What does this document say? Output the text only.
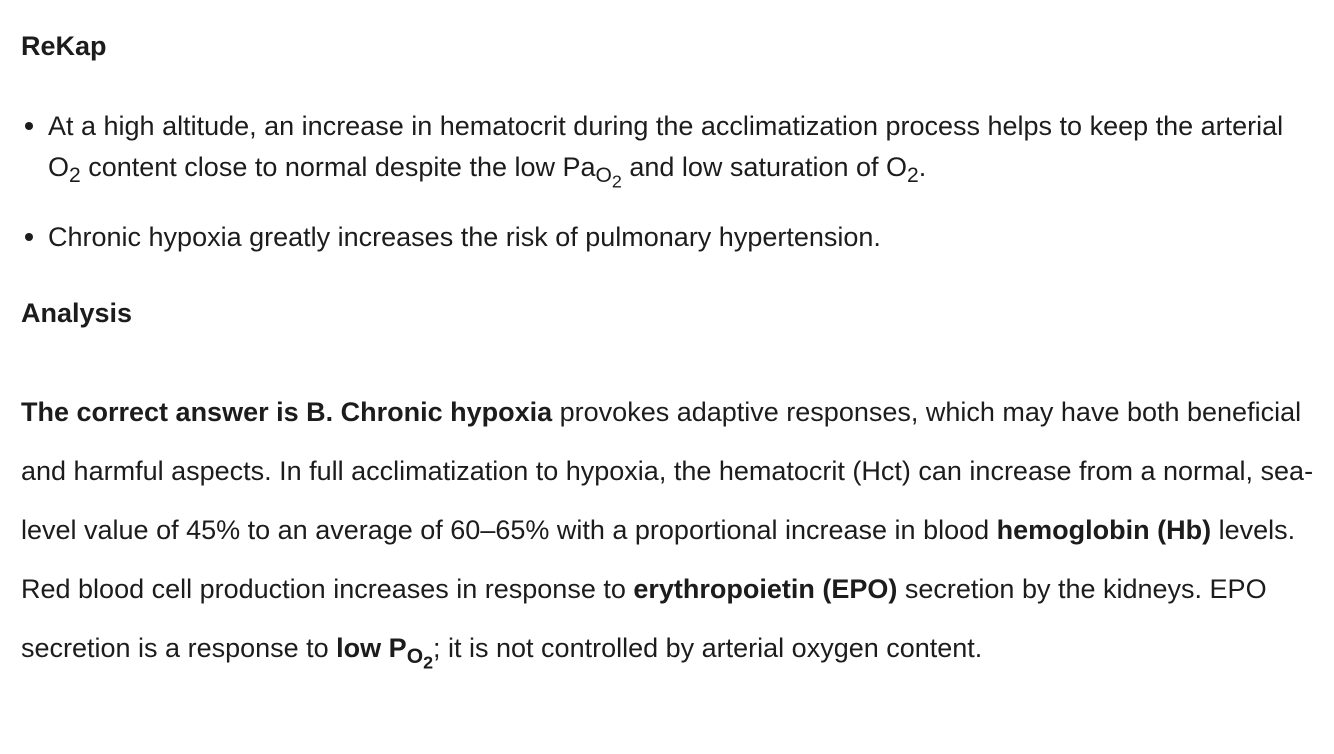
ReKap
At a high altitude, an increase in hematocrit during the acclimatization process helps to keep the arterial $O_2$ content close to normal despite the low $Pa_{O_2}$ and low saturation of $O_2$.
Chronic hypoxia greatly increases the risk of pulmonary hypertension.
Analysis

The correct answer is B. Chronic hypoxia provokes adaptive responses, which may have both beneficial and harmful aspects. In full acclimatization to hypoxia, the hematocrit (Hct) can increase from a normal, sea-level value of 45% to an average of 60–65% with a proportional increase in blood hemoglobin (Hb) levels. Red blood cell production increases in response to erythropoietin (EPO) secretion by the kidneys. EPO secretion is a response to low $P_{O_2}$; it is not controlled by arterial oxygen content.
